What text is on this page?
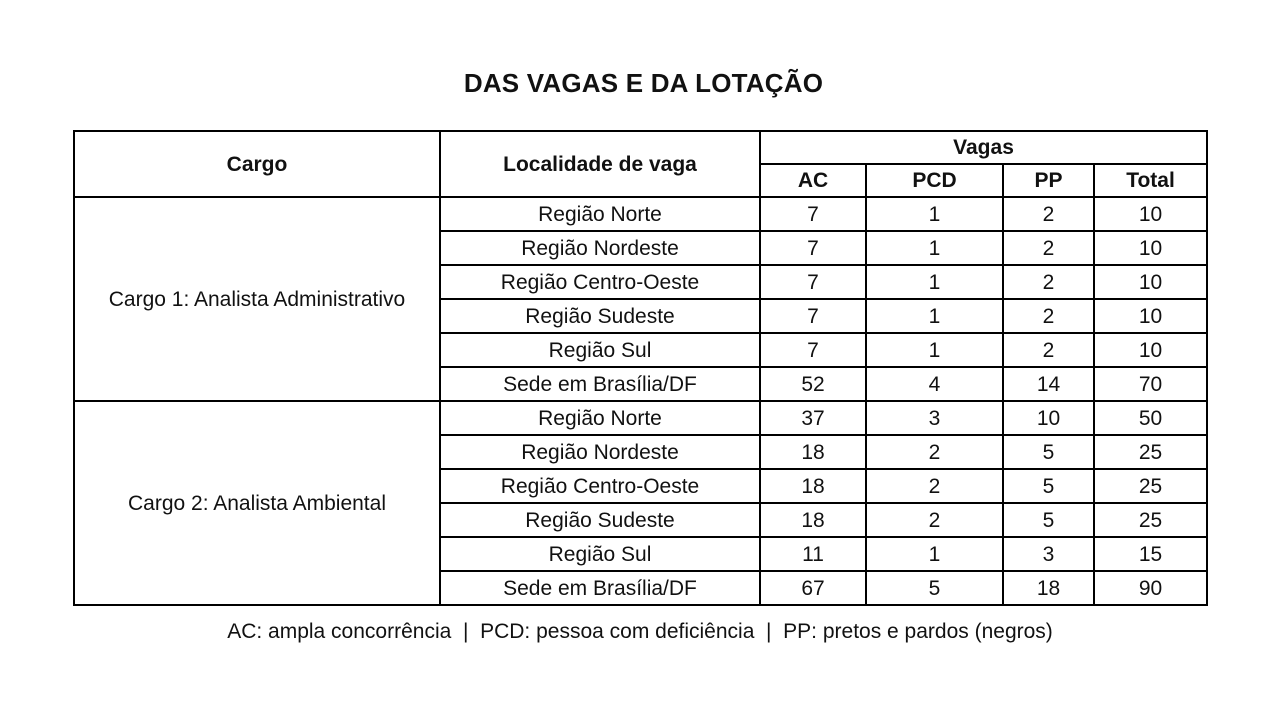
DAS VAGAS E DA LOTAÇÃO
Cargo	Localidade de vaga	Vagas			
		AC	PCD	PP	Total
Cargo 1: Analista Administrativo	Região Norte	7	1	2	10
	Região Nordeste	7	1	2	10
	Região Centro-Oeste	7	1	2	10
	Região Sudeste	7	1	2	10
	Região Sul	7	1	2	10
	Sede em Brasília/DF	52	4	14	70
Cargo 2: Analista Ambiental	Região Norte	37	3	10	50
	Região Nordeste	18	2	5	25
	Região Centro-Oeste	18	2	5	25
	Região Sudeste	18	2	5	25
	Região Sul	11	1	3	15
	Sede em Brasília/DF	67	5	18	90
AC: ampla concorrência  |  PCD: pessoa com deficiência  |  PP: pretos e pardos (negros)
